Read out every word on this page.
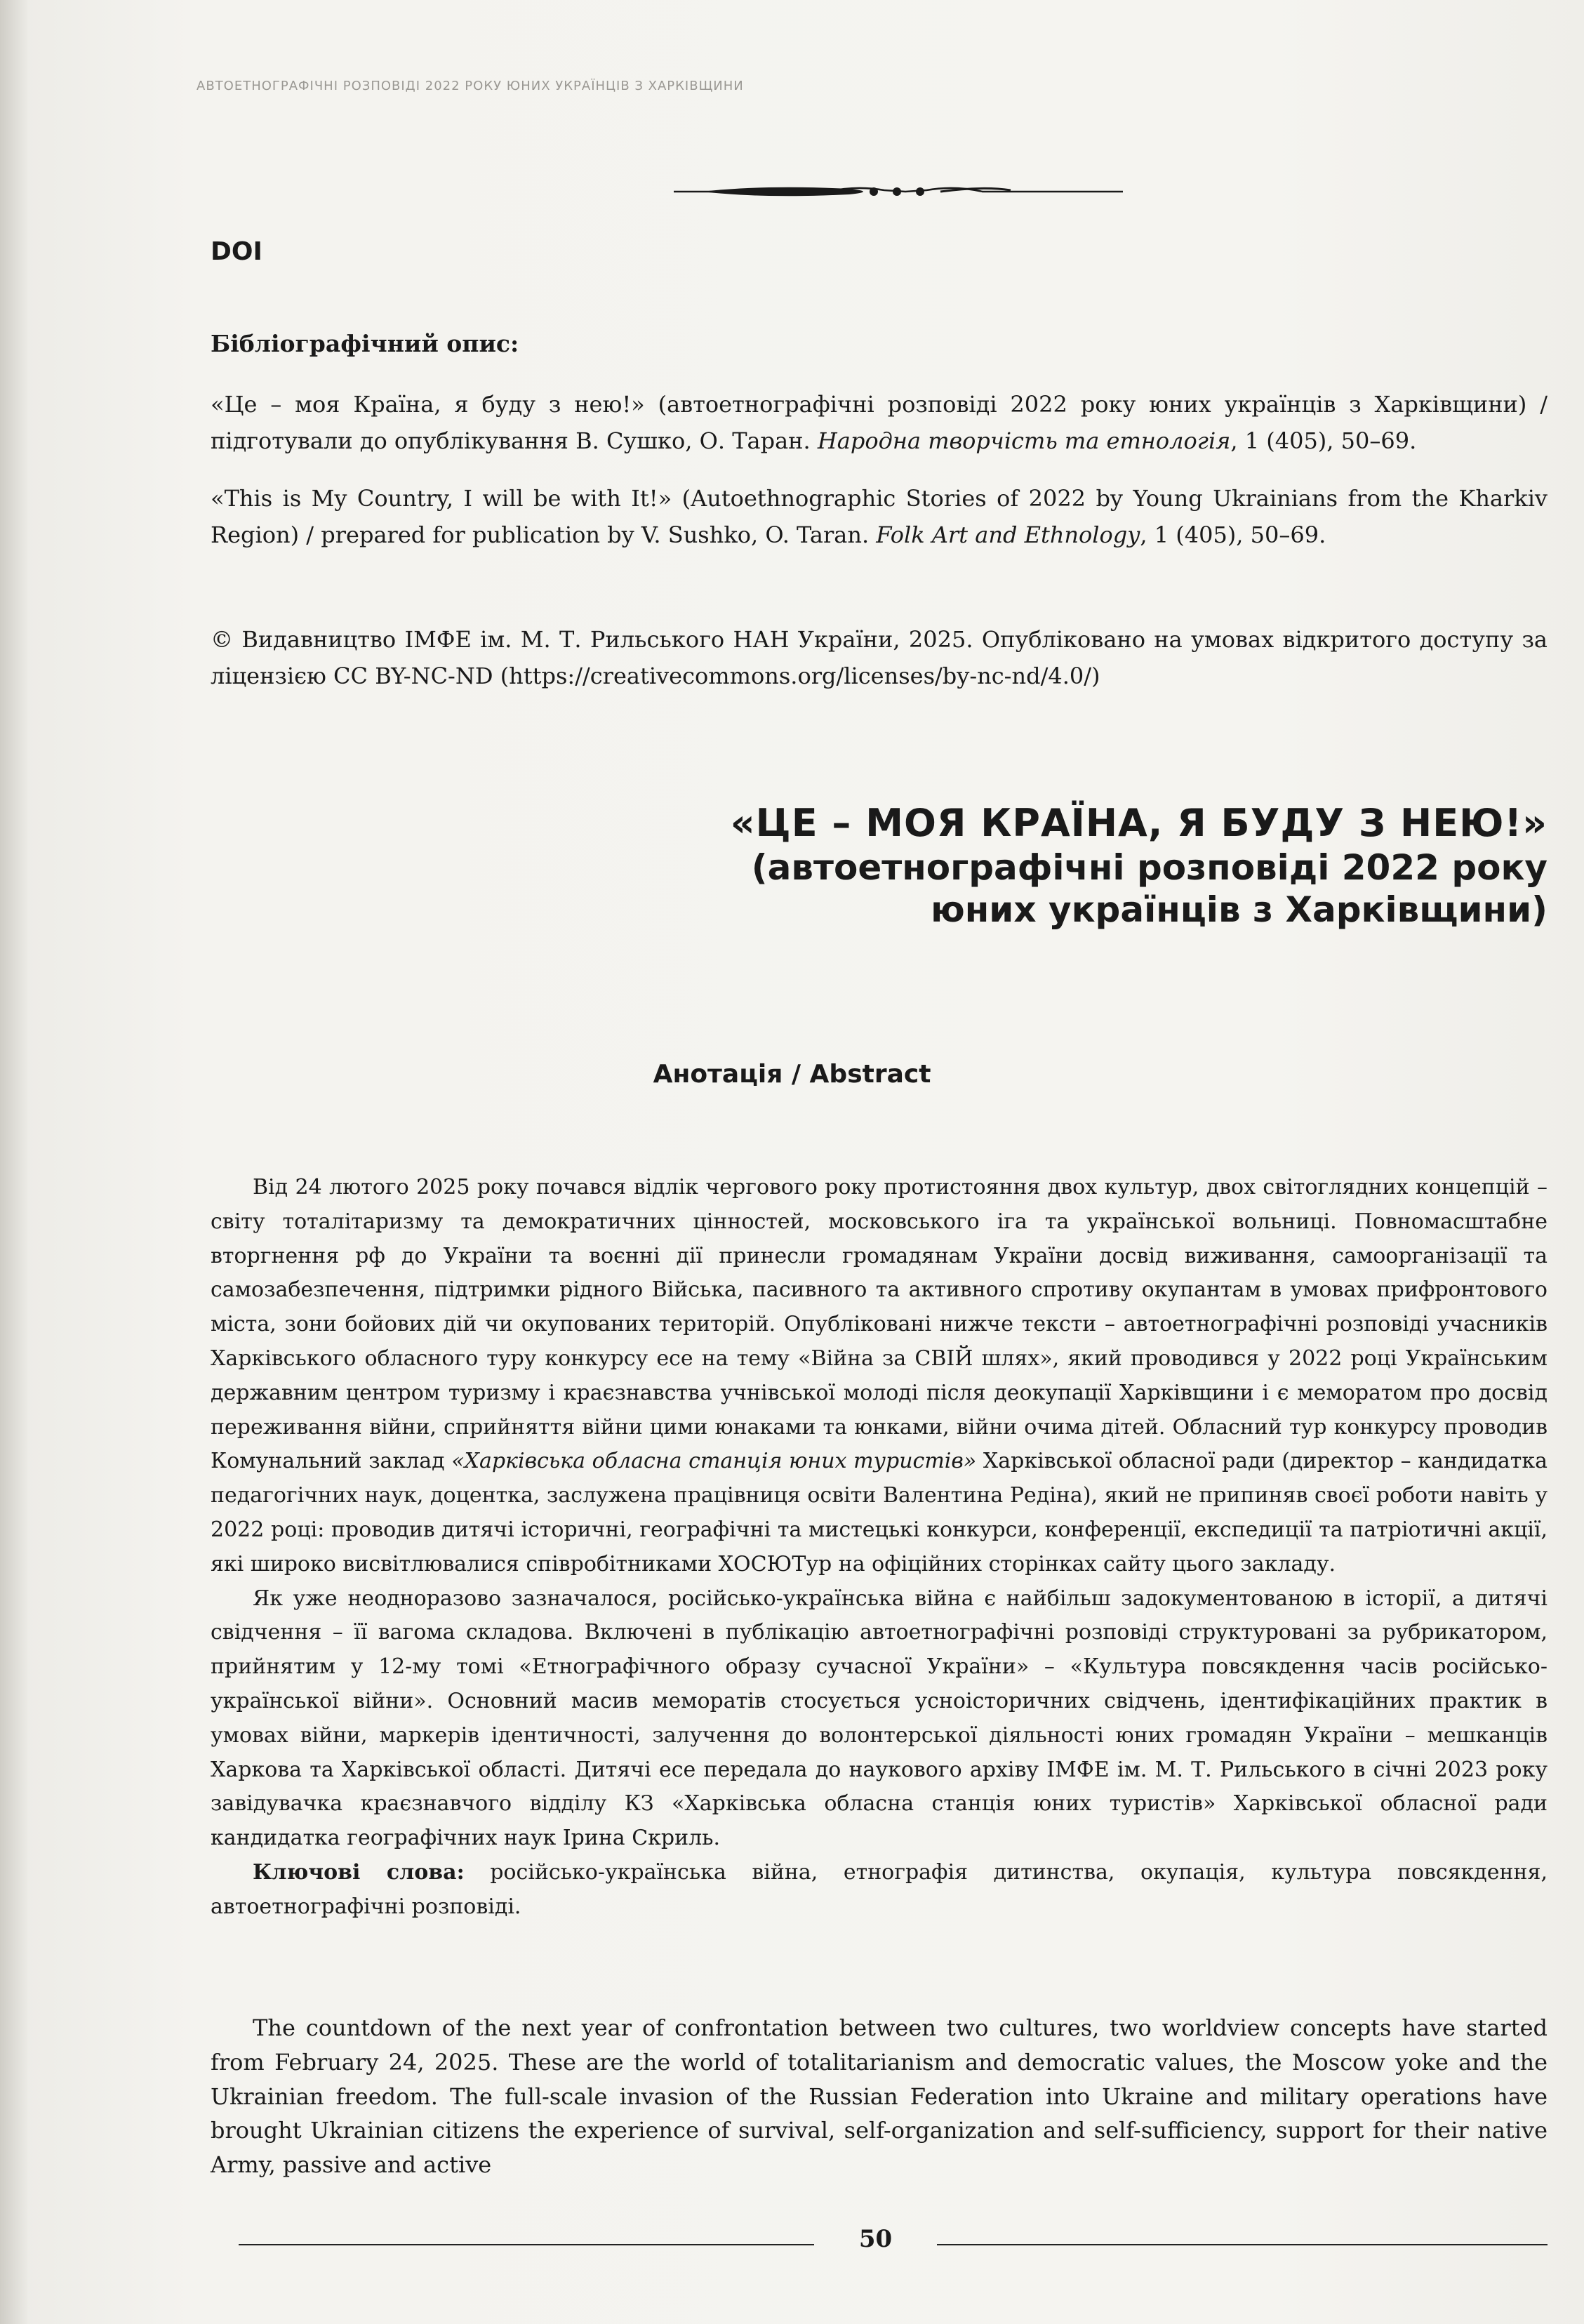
АВТОЕТНОГРАФІЧНІ РОЗПОВІДІ 2022 РОКУ ЮНИХ УКРАЇНЦІВ З ХАРКІВЩИНИ
DOI
Бібліографічний опис:

«Це – моя Країна, я буду з нею!» (автоетнографічні розповіді 2022 року юних українців з Харківщини) / підготували до опублікування В. Сушко, О. Таран. Народна творчість та етнологія, 1 (405), 50–69.

«This is My Country, I will be with It!» (Autoethnographic Stories of 2022 by Young Ukrainians from the Kharkiv Region) / prepared for publication by V. Sushko, O. Taran. Folk Art and Ethnology, 1 (405), 50–69.

© Видавництво ІМФЕ ім. М. Т. Рильського НАН України, 2025. Опубліковано на умовах відкритого доступу за ліцензією CC BY-NC-ND (https://creativecommons.org/licenses/by-nc-nd/4.0/)

«ЦЕ – МОЯ КРАЇНА, Я БУДУ З НЕЮ!»
(автоетнографічні розповіді 2022 року
юних українців з Харківщини)
Анотація / Abstract

Від 24 лютого 2025 року почався відлік чергового року протистояння двох культур, двох світоглядних концепцій – світу тоталітаризму та демократичних цінностей, московського іга та української вольниці. Повномасштабне вторгнення рф до України та воєнні дії принесли громадянам України досвід виживання, самоорганізації та самозабезпечення, підтримки рідного Війська, пасивного та активного спротиву окупантам в умовах прифронтового міста, зони бойових дій чи окупованих територій. Опубліковані нижче тексти – автоетнографічні розповіді учасників Харківського обласного туру конкурсу есе на тему «Війна за СВІЙ шлях», який проводився у 2022 році Українським державним центром туризму і краєзнавства учнівської молоді після деокупації Харківщини і є меморатом про досвід переживання війни, сприйняття війни цими юнаками та юнками, війни очима дітей. Обласний тур конкурсу проводив Комунальний заклад «Харківська обласна станція юних туристів» Харківської обласної ради (директор – кандидатка педагогічних наук, доцентка, заслужена працівниця освіти Валентина Редіна), який не припиняв своєї роботи навіть у 2022 році: проводив дитячі історичні, географічні та мистецькі конкурси, конференції, експедиції та патріотичні акції, які широко висвітлювалися співробітниками ХОСЮТур на офіційних сторінках сайту цього закладу.

Як уже неодноразово зазначалося, російсько-українська війна є найбільш задокументованою в історії, а дитячі свідчення – її вагома складова. Включені в публікацію автоетнографічні розповіді структуровані за рубрикатором, прийнятим у 12-му томі «Етнографічного образу сучасної України» – «Культура повсякдення часів російсько-української війни». Основний масив меморатів стосується усноісторичних свідчень, ідентифікаційних практик в умовах війни, маркерів ідентичності, залучення до волонтерської діяльності юних громадян України – мешканців Харкова та Харківської області. Дитячі есе передала до наукового архіву ІМФЕ ім. М. Т. Рильського в січні 2023 року завідувачка краєзнавчого відділу КЗ «Харківська обласна станція юних туристів» Харківської обласної ради кандидатка географічних наук Ірина Скриль.

Ключові слова: російсько-українська війна, етнографія дитинства, окупація, культура повсякдення, автоетнографічні розповіді.

The countdown of the next year of confrontation between two cultures, two worldview concepts have started from February 24, 2025. These are the world of totalitarianism and democratic values, the Moscow yoke and the Ukrainian freedom. The full-scale invasion of the Russian Federation into Ukraine and military operations have brought Ukrainian citizens the experience of survival, self-organization and self-sufficiency, support for their native Army, passive and active

50
